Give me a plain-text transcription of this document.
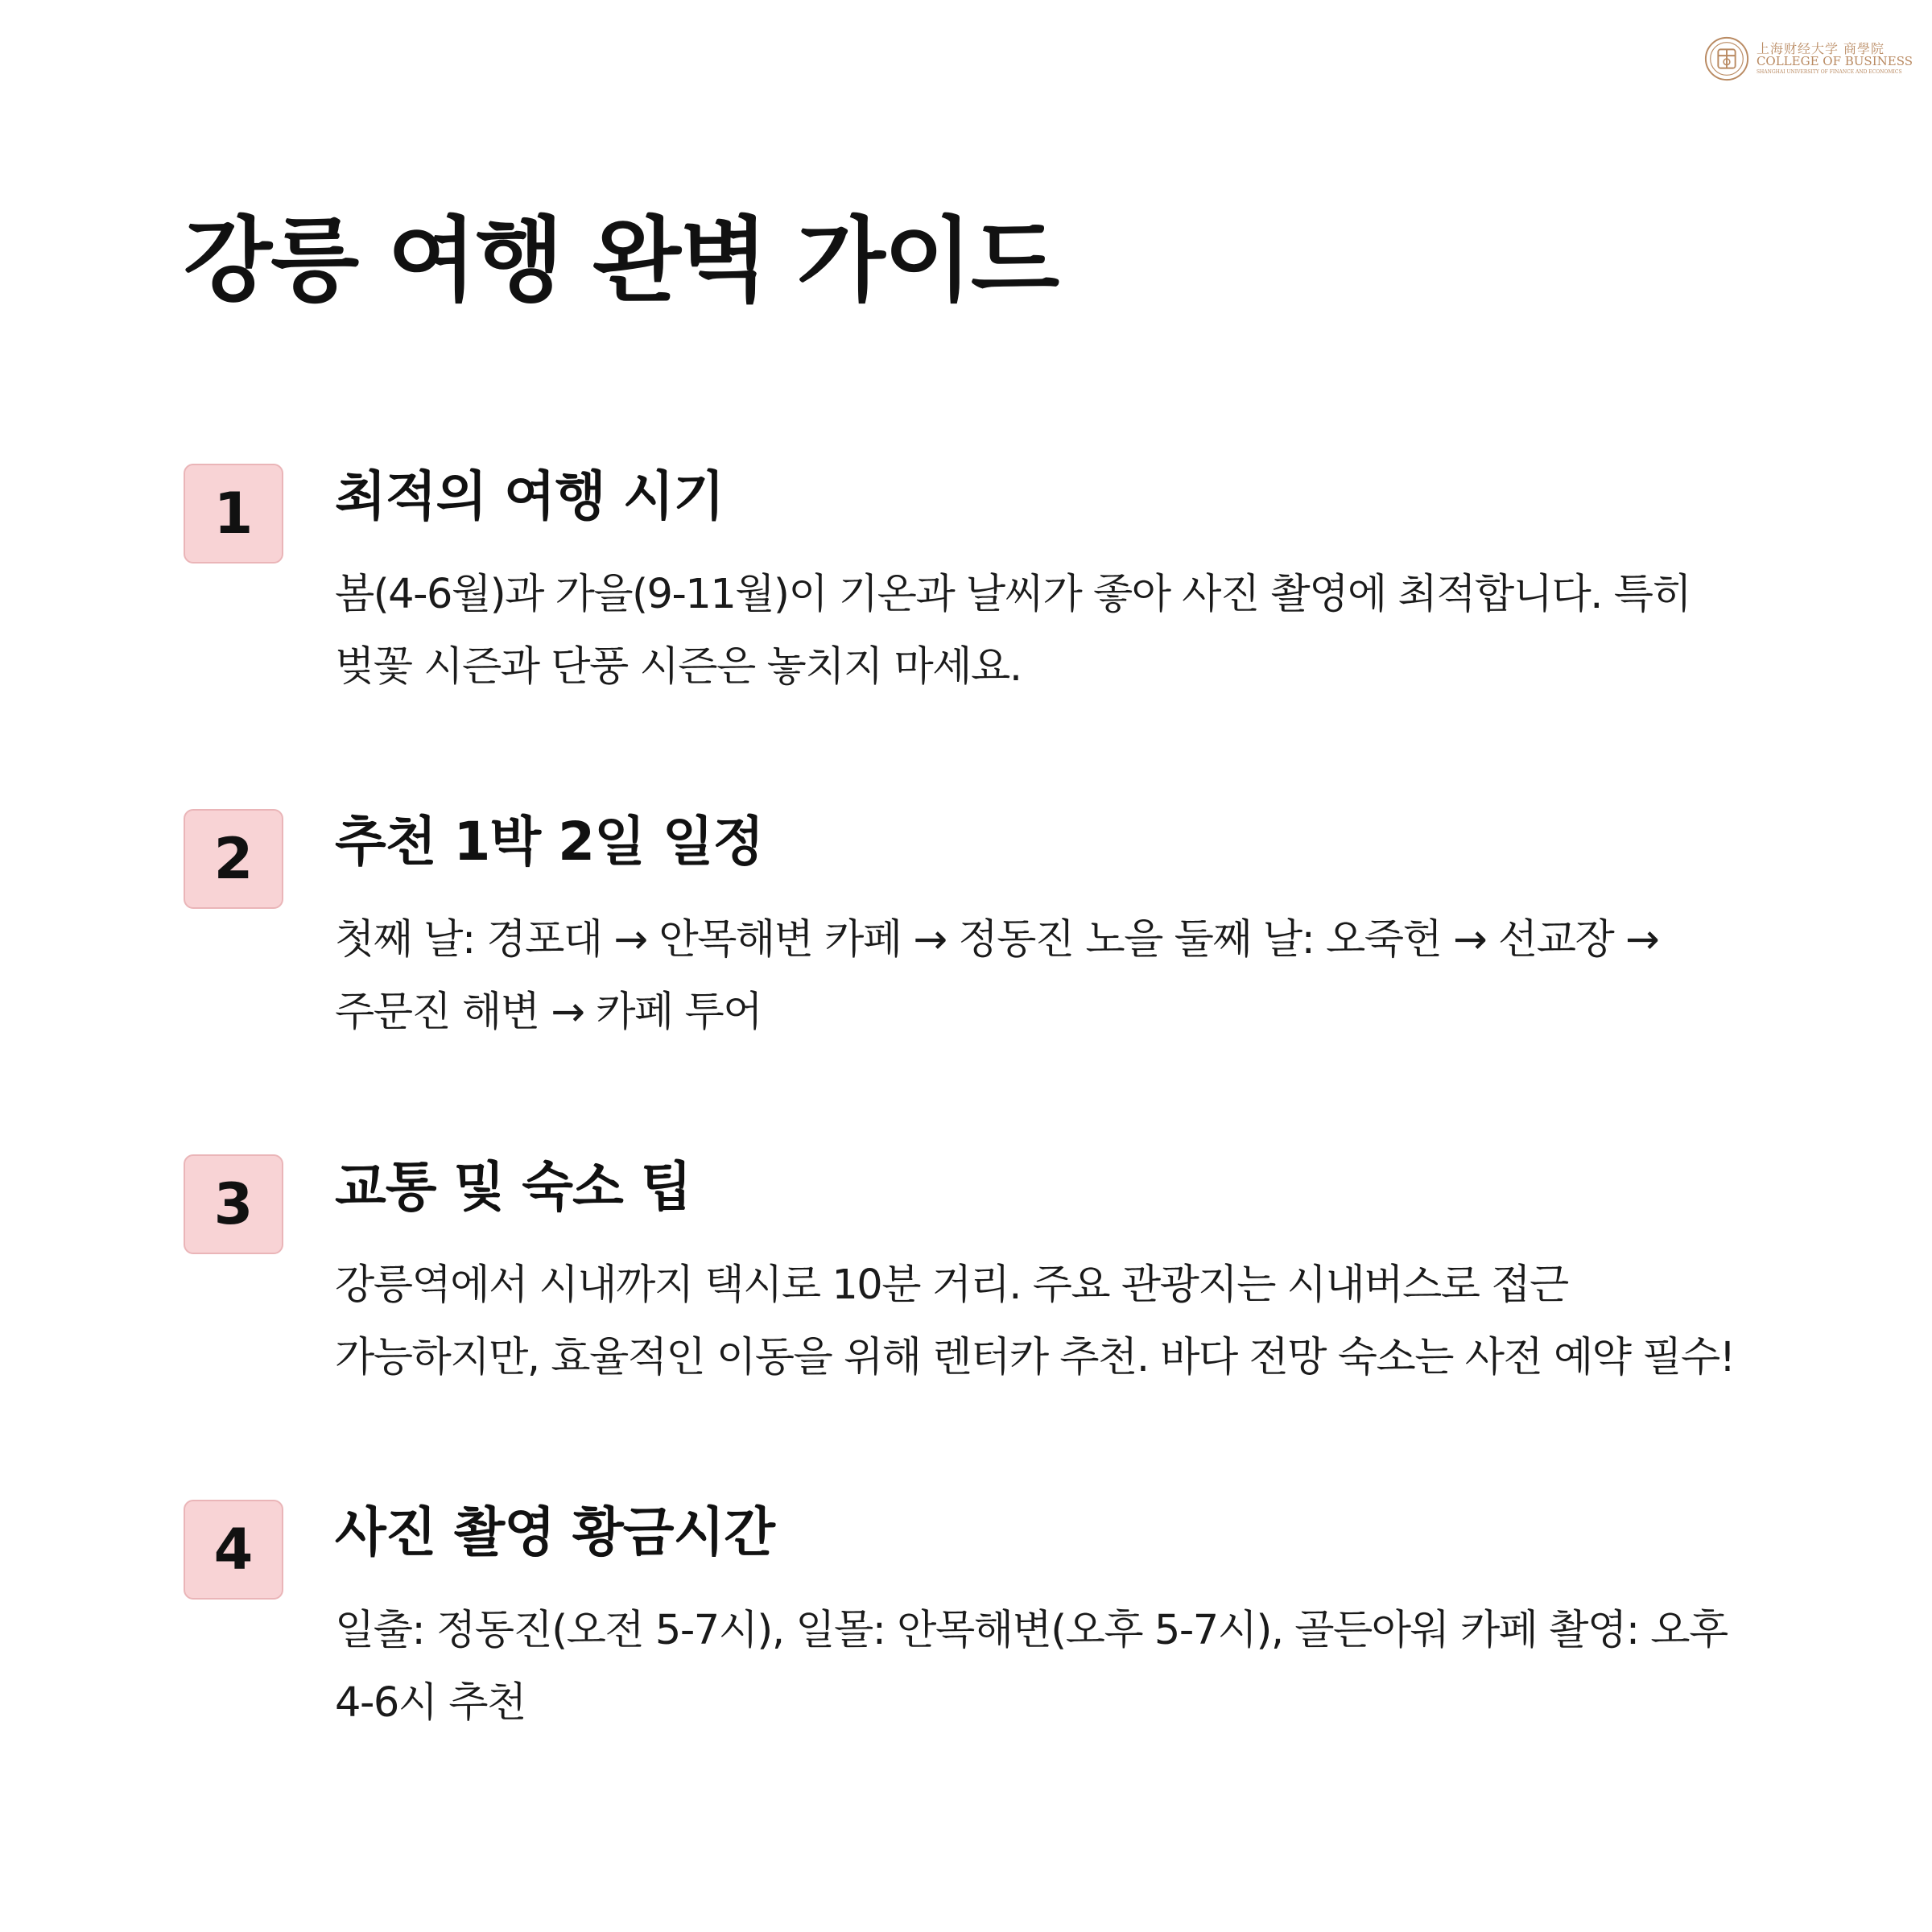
上海财经大学 商學院
COLLEGE OF BUSINESS
SHANGHAI UNIVERSITY OF FINANCE AND ECONOMICS
강릉 여행 완벽 가이드
1	최적의 여행 시기

봄(4-6월)과 가을(9-11월)이 기온과 날씨가 좋아 사진 촬영에 최적합니다. 특히 벚꽃 시즌과 단풍 시즌은 놓치지 마세요.

2	추천 1박 2일 일정

첫째 날: 경포대 → 안목해변 카페 → 정동진 노을 둘째 날: 오죽헌 → 선교장 → 주문진 해변 → 카페 투어

3	교통 및 숙소 팁

강릉역에서 시내까지 택시로 10분 거리. 주요 관광지는 시내버스로 접근 가능하지만, 효율적인 이동을 위해 렌터카 추천. 바다 전망 숙소는 사전 예약 필수!

4	사진 촬영 황금시간

일출: 정동진(오전 5-7시), 일몰: 안목해변(오후 5-7시), 골든아워 카페 촬영: 오후 4-6시 추천
